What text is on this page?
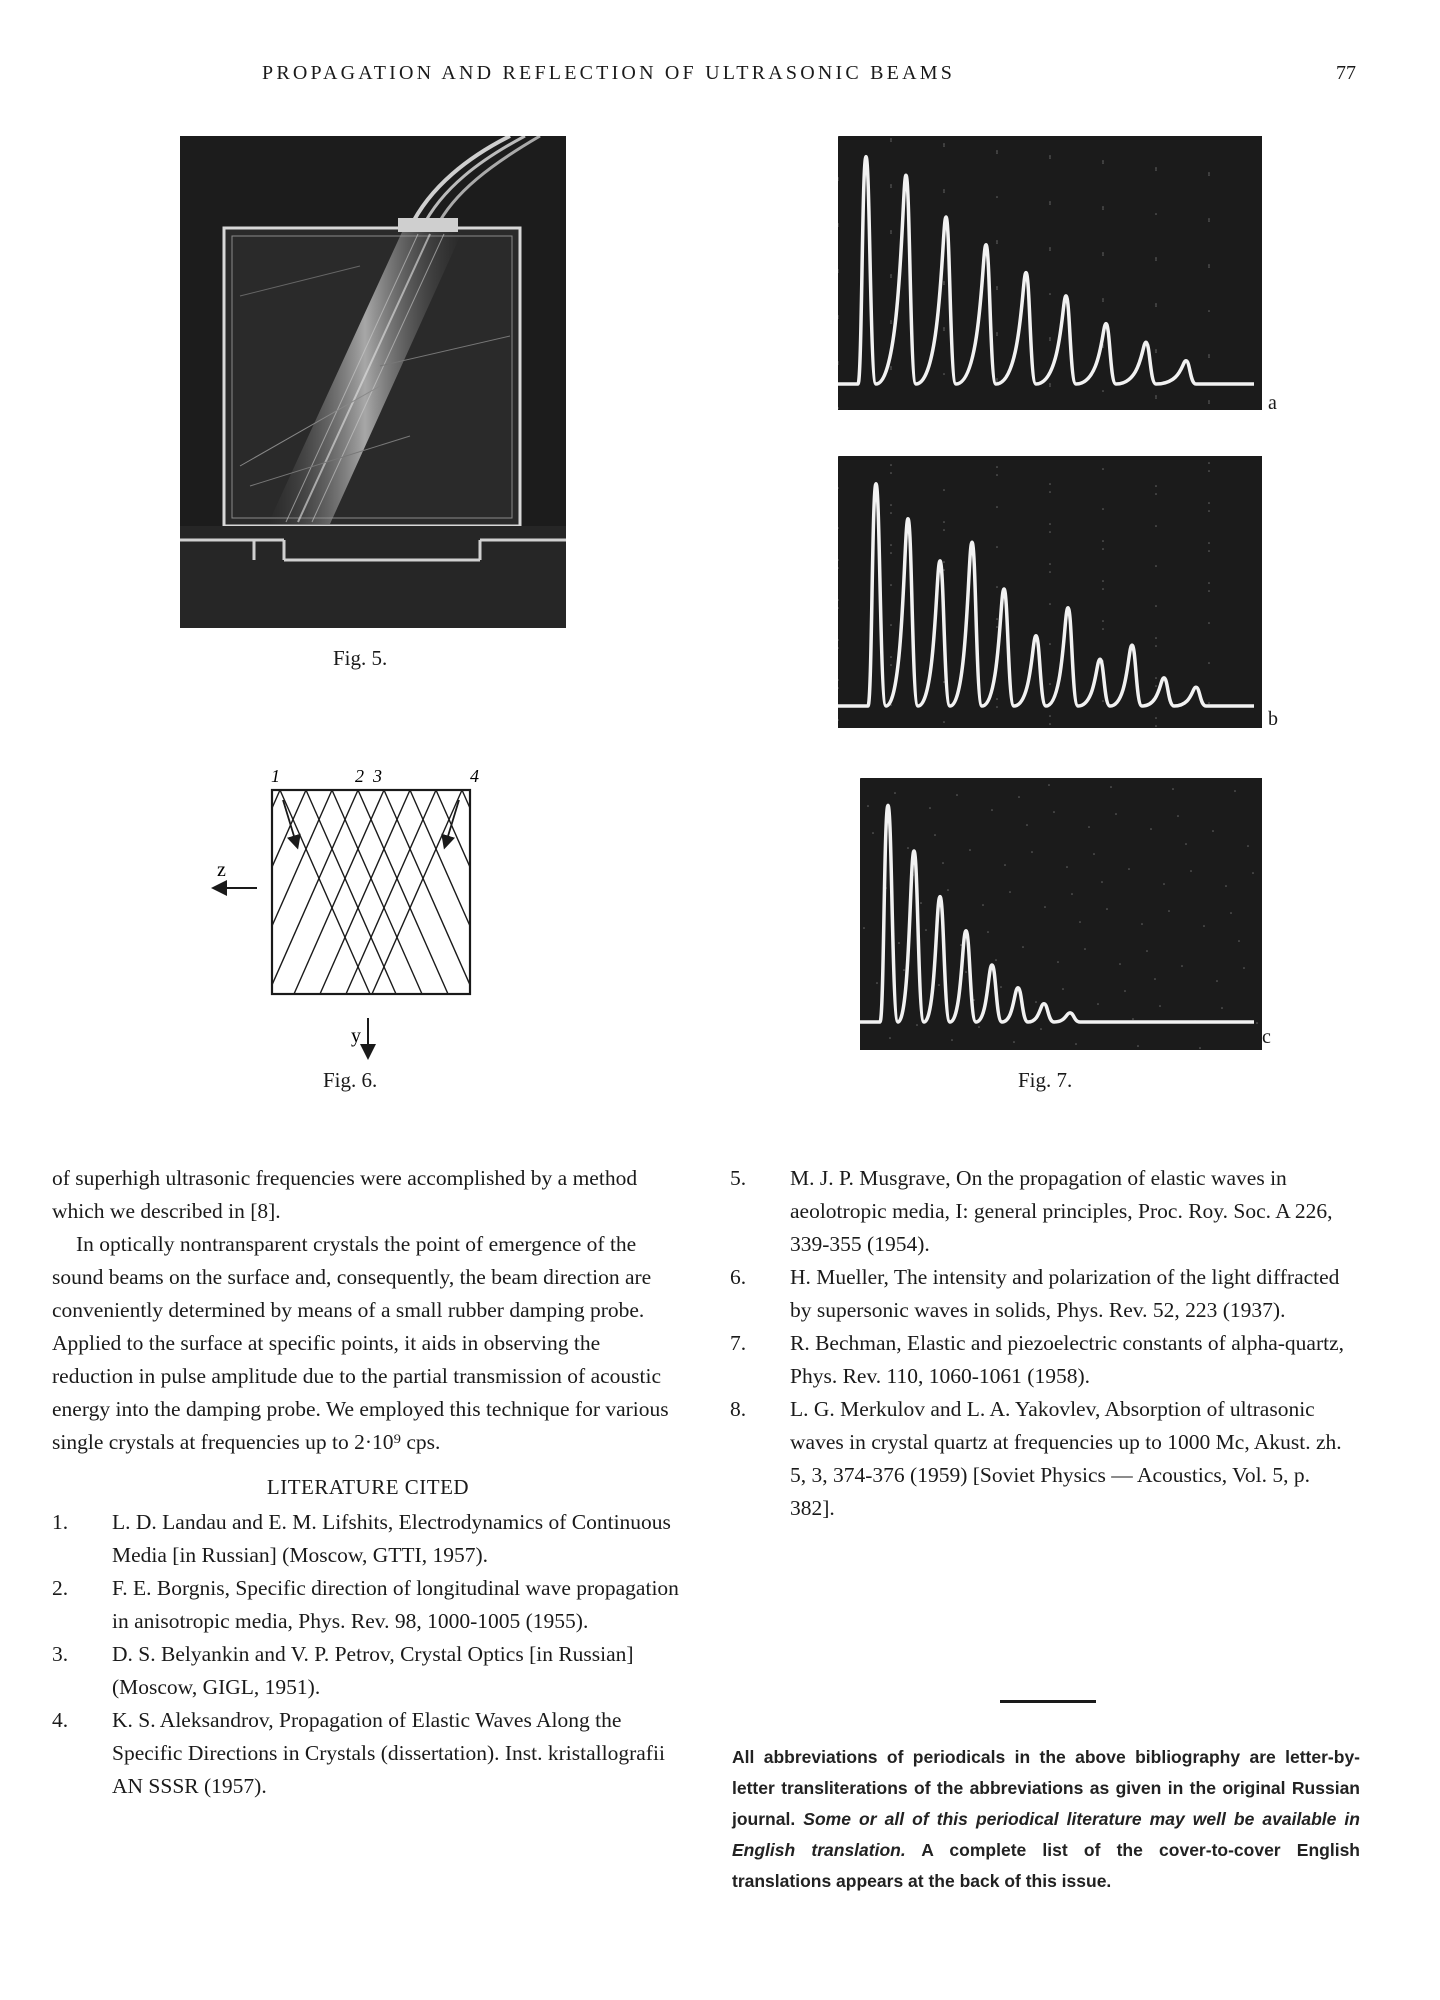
PROPAGATION AND REFLECTION OF ULTRASONIC BEAMS	77
Fig. 5.
1	2 3	4
z
y
Fig. 6.
a
b
c
Fig. 7.

of superhigh ultrasonic frequencies were accomplished by a method which we described in [8].

In optically nontransparent crystals the point of emergence of the sound beams on the surface and, consequently, the beam direction are conveniently determined by means of a small rubber damping probe. Applied to the surface at specific points, it aids in observing the reduction in pulse amplitude due to the partial transmission of acoustic energy into the damping probe. We employed this technique for various single crystals at frequencies up to 2·10⁹ cps.

LITERATURE CITED
1. L. D. Landau and E. M. Lifshits, Electrodynamics of Continuous Media [in Russian] (Moscow, GTTI, 1957).
2. F. E. Borgnis, Specific direction of longitudinal wave propagation in anisotropic media, Phys. Rev. 98, 1000-1005 (1955).
3. D. S. Belyankin and V. P. Petrov, Crystal Optics [in Russian] (Moscow, GIGL, 1951).
4. K. S. Aleksandrov, Propagation of Elastic Waves Along the Specific Directions in Crystals (dissertation). Inst. kristallografii AN SSSR (1957).
5. M. J. P. Musgrave, On the propagation of elastic waves in aeolotropic media, I: general principles, Proc. Roy. Soc. A 226, 339-355 (1954).
6. H. Mueller, The intensity and polarization of the light diffracted by supersonic waves in solids, Phys. Rev. 52, 223 (1937).
7. R. Bechman, Elastic and piezoelectric constants of alpha-quartz, Phys. Rev. 110, 1060-1061 (1958).
8. L. G. Merkulov and L. A. Yakovlev, Absorption of ultrasonic waves in crystal quartz at frequencies up to 1000 Mc, Akust. zh. 5, 3, 374-376 (1959) [Soviet Physics — Acoustics, Vol. 5, p. 382].
All abbreviations of periodicals in the above bibliography are letter-by-letter transliterations of the abbreviations as given in the original Russian journal. Some or all of this periodical literature may well be available in English translation. A complete list of the cover-to-cover English translations appears at the back of this issue.
